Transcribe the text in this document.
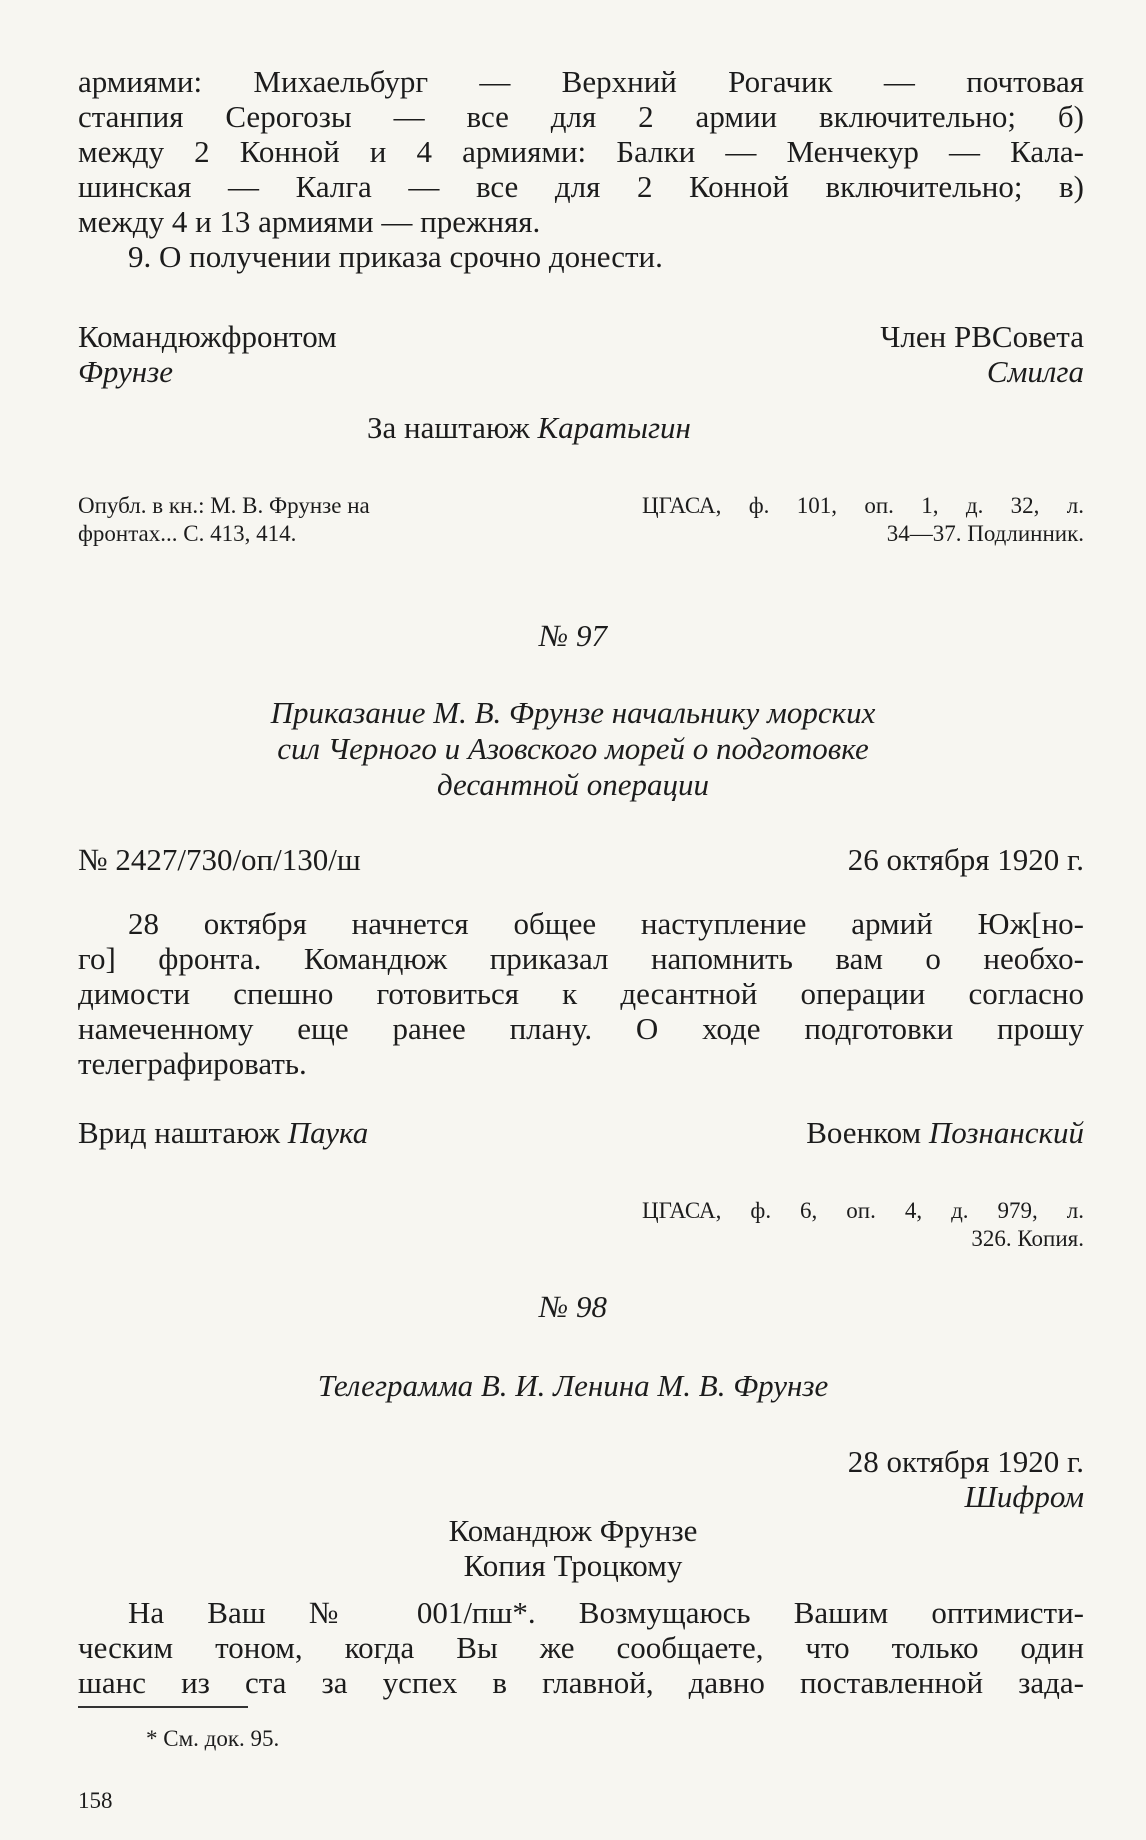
армиями: Михаельбург — Верхний Рогачик — почтовая
станпия Серогозы — все для 2 армии включительно; б)
между 2 Конной и 4 армиями: Балки — Менчекур — Кала-
шинская — Калга — все для 2 Конной включительно; в)
между 4 и 13 армиями — прежняя.
9. О получении приказа срочно донести.
Командюжфронтом
Фрунзе
Член РВСовета
Смилга
За наштаюж Каратыгин
Опубл. в кн.: М. В. Фрунзе на
фронтах... С. 413, 414.
ЦГАСА, ф. 101, оп. 1, д. 32, л.
34—37. Подлинник.
№ 97
Приказание М. В. Фрунзе начальнику морских
сил Черного и Азовского морей о подготовке
десантной операции
№ 2427/730/оп/130/ш	26 октября 1920 г.
28 октября начнется общее наступление армий Юж[но-
го] фронта. Командюж приказал напомнить вам о необхо-
димости спешно готовиться к десантной операции согласно
намеченному еще ранее плану. О ходе подготовки прошу
телеграфировать.
Врид наштаюж Паука	Военком Познанский
ЦГАСА, ф. 6, оп. 4, д. 979, л.
326. Копия.
№ 98
Телеграмма В. И. Ленина М. В. Фрунзе
28 октября 1920 г.
Шифром
Командюж Фрунзе
Копия Троцкому
На Ваш № 001/пш*. Возмущаюсь Вашим оптимисти-
ческим тоном, когда Вы же сообщаете, что только один
шанс из ста за успех в главной, давно поставленной зада-
* См. док. 95.
158
